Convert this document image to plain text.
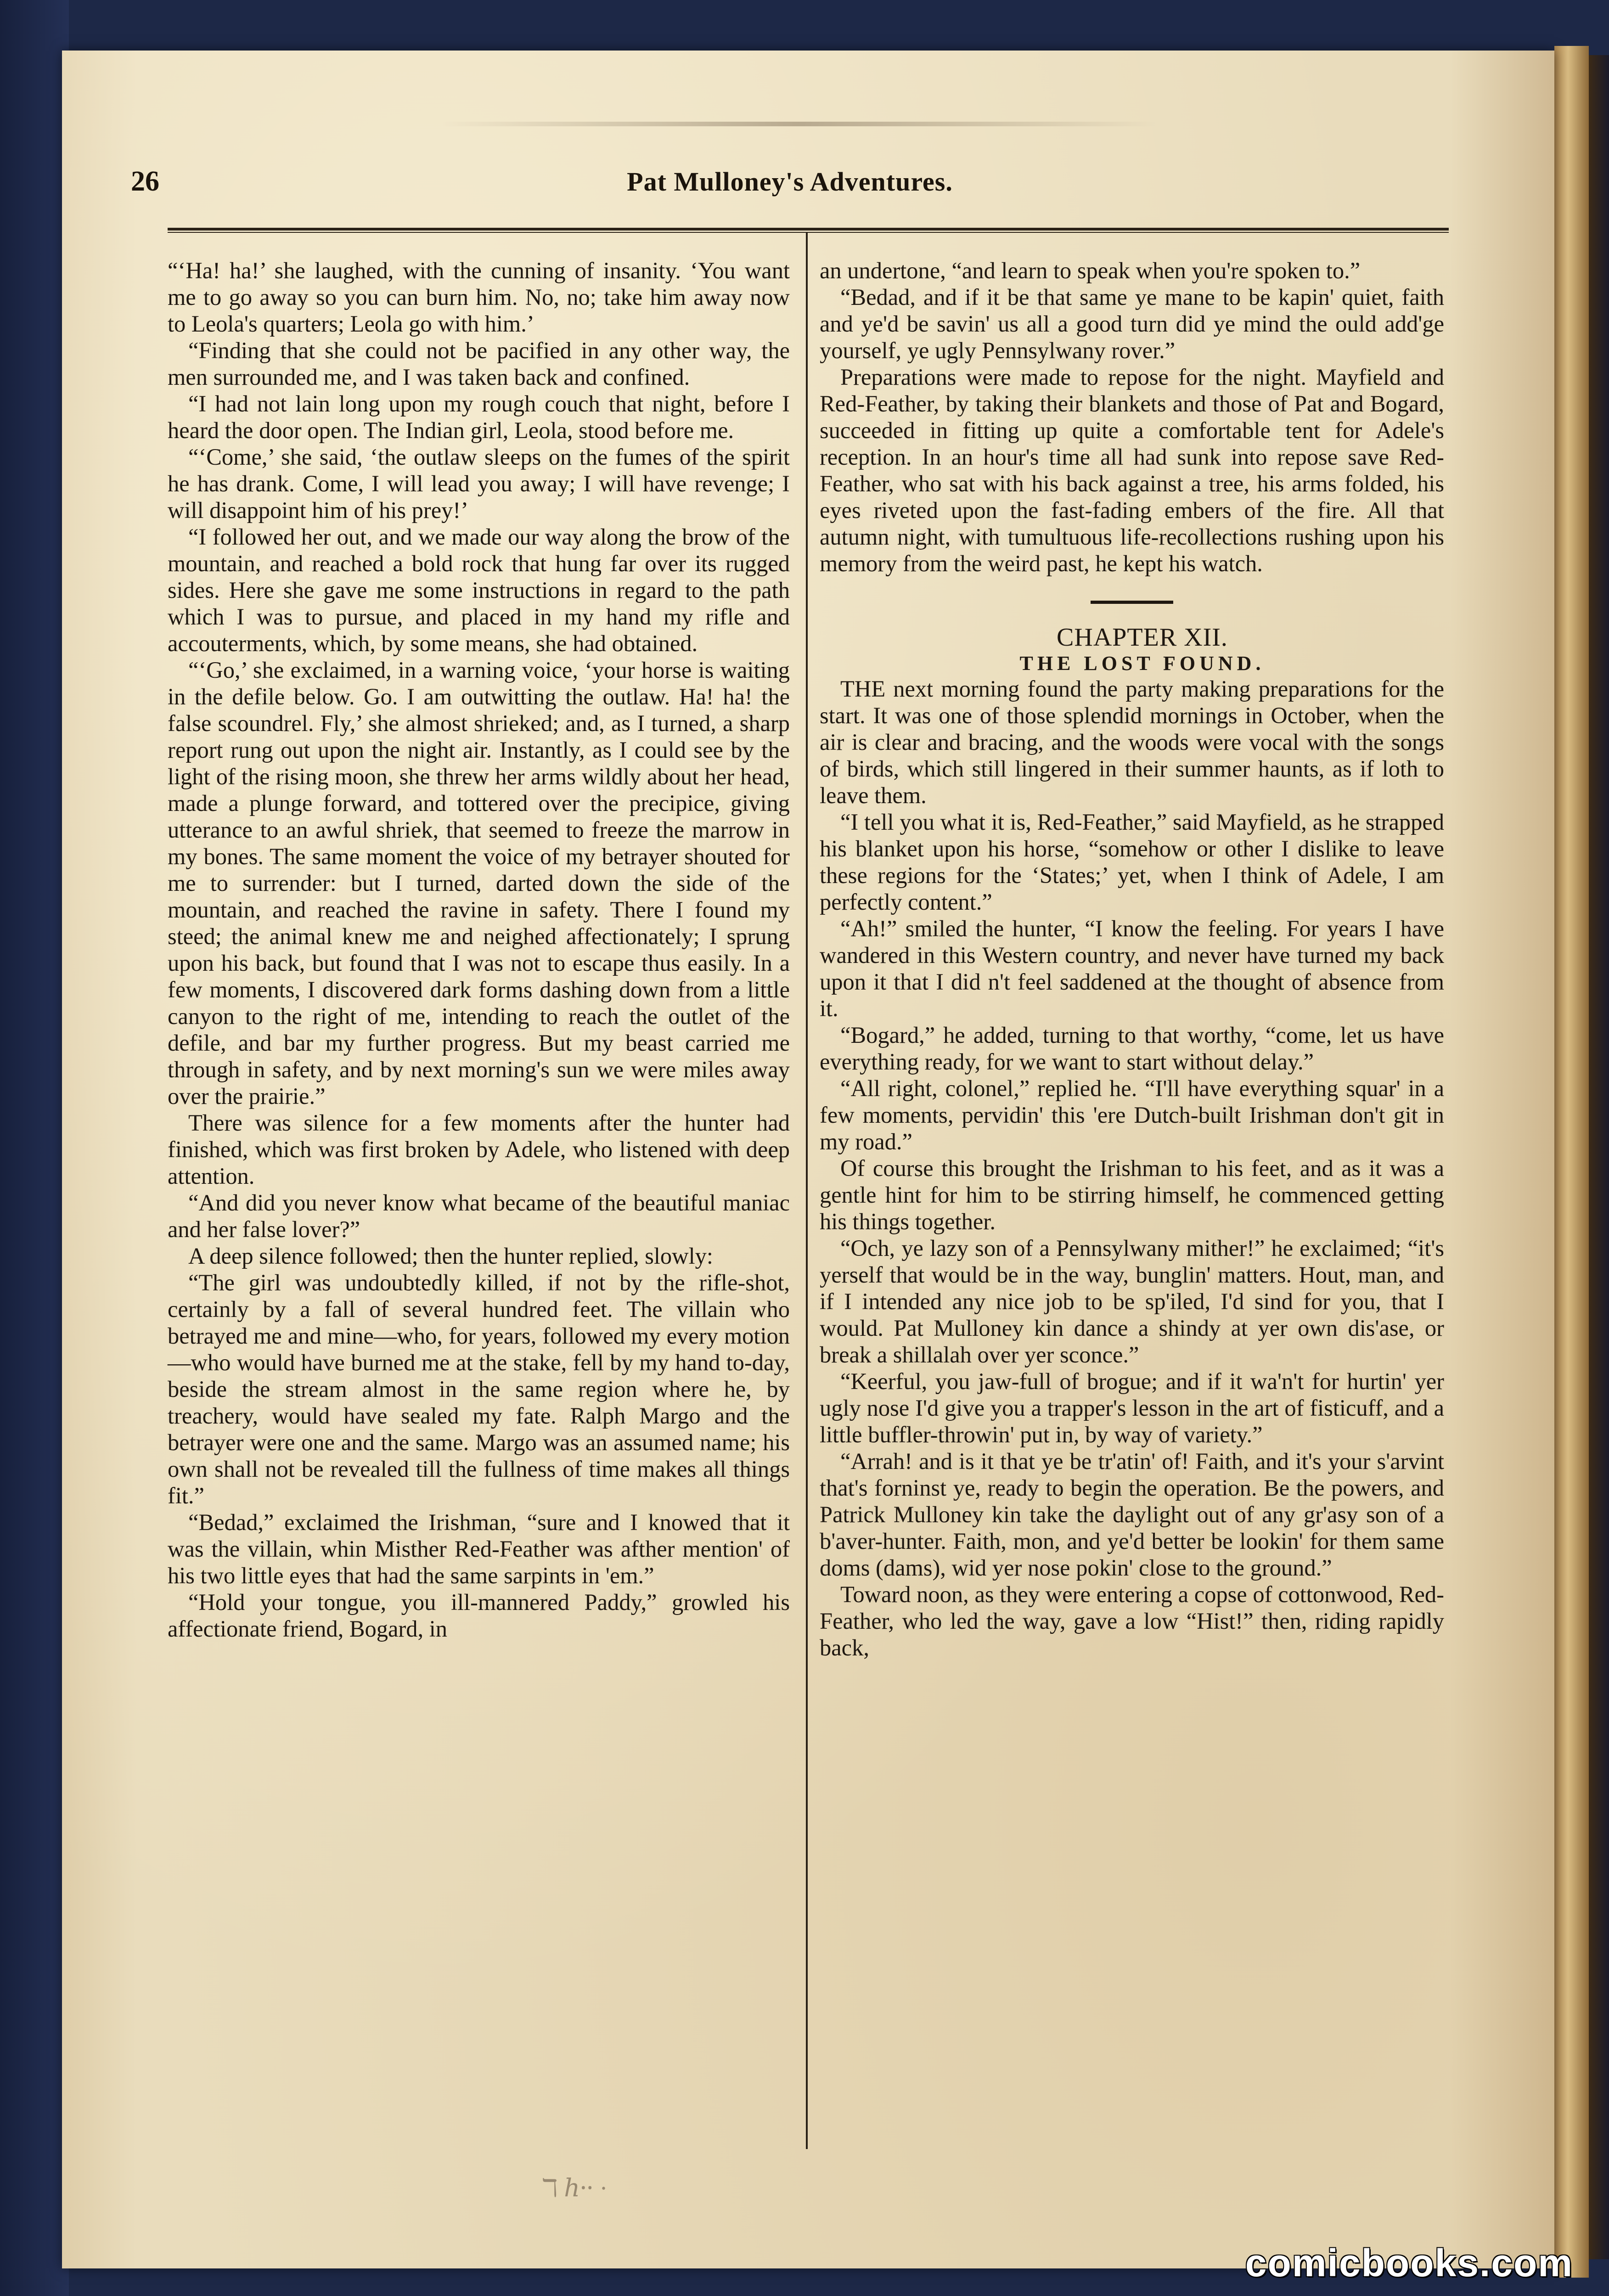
26	Pat Mulloney's Adventures.

“‘Ha! ha!’ she laughed, with the cunning of insanity. ‘You want me to go away so you can burn him. No, no; take him away now to Leola's quarters; Leola go with him.’

“Finding that she could not be pacified in any other way, the men surrounded me, and I was taken back and confined.

“I had not lain long upon my rough couch that night, before I heard the door open. The Indian girl, Leola, stood before me.

“‘Come,’ she said, ‘the outlaw sleeps on the fumes of the spirit he has drank. Come, I will lead you away; I will have revenge; I will disappoint him of his prey!’

“I followed her out, and we made our way along the brow of the mountain, and reached a bold rock that hung far over its rugged sides. Here she gave me some instructions in regard to the path which I was to pursue, and placed in my hand my rifle and accouterments, which, by some means, she had obtained.

“‘Go,’ she exclaimed, in a warning voice, ‘your horse is waiting in the defile below. Go. I am outwitting the outlaw. Ha! ha! the false scoundrel. Fly,’ she almost shrieked; and, as I turned, a sharp report rung out upon the night air. Instantly, as I could see by the light of the rising moon, she threw her arms wildly about her head, made a plunge forward, and tottered over the precipice, giving utterance to an awful shriek, that seemed to freeze the marrow in my bones. The same moment the voice of my betrayer shouted for me to surrender: but I turned, darted down the side of the mountain, and reached the ravine in safety. There I found my steed; the animal knew me and neighed affectionately; I sprung upon his back, but found that I was not to escape thus easily. In a few moments, I discovered dark forms dashing down from a little canyon to the right of me, intending to reach the outlet of the defile, and bar my further progress. But my beast carried me through in safety, and by next morning's sun we were miles away over the prairie.”

There was silence for a few moments after the hunter had finished, which was first broken by Adele, who listened with deep attention.

“And did you never know what became of the beautiful maniac and her false lover?”

A deep silence followed; then the hunter replied, slowly:

“The girl was undoubtedly killed, if not by the rifle-shot, certainly by a fall of several hundred feet. The villain who betrayed me and mine—who, for years, followed my every motion—who would have burned me at the stake, fell by my hand to-day, beside the stream almost in the same region where he, by treachery, would have sealed my fate. Ralph Margo and the betrayer were one and the same. Margo was an assumed name; his own shall not be revealed till the fullness of time makes all things fit.”

“Bedad,” exclaimed the Irishman, “sure and I knowed that it was the villain, whin Misther Red-Feather was afther mention' of his two little eyes that had the same sarpints in 'em.”

“Hold your tongue, you ill-mannered Paddy,” growled his affectionate friend, Bogard, in

an undertone, “and learn to speak when you're spoken to.”

“Bedad, and if it be that same ye mane to be kapin' quiet, faith and ye'd be savin' us all a good turn did ye mind the ould add'ge yourself, ye ugly Pennsylwany rover.”

Preparations were made to repose for the night. Mayfield and Red-Feather, by taking their blankets and those of Pat and Bogard, succeeded in fitting up quite a comfortable tent for Adele's reception. In an hour's time all had sunk into repose save Red-Feather, who sat with his back against a tree, his arms folded, his eyes riveted upon the fast-fading embers of the fire. All that autumn night, with tumultuous life-recollections rushing upon his memory from the weird past, he kept his watch.

CHAPTER XII.

THE LOST FOUND.

THE next morning found the party making preparations for the start. It was one of those splendid mornings in October, when the air is clear and bracing, and the woods were vocal with the songs of birds, which still lingered in their summer haunts, as if loth to leave them.

“I tell you what it is, Red-Feather,” said Mayfield, as he strapped his blanket upon his horse, “somehow or other I dislike to leave these regions for the ‘States;’ yet, when I think of Adele, I am perfectly content.”

“Ah!” smiled the hunter, “I know the feeling. For years I have wandered in this Western country, and never have turned my back upon it that I did n't feel saddened at the thought of absence from it.

“Bogard,” he added, turning to that worthy, “come, let us have everything ready, for we want to start without delay.”

“All right, colonel,” replied he. “I'll have everything squar' in a few moments, pervidin' this 'ere Dutch-built Irishman don't git in my road.”

Of course this brought the Irishman to his feet, and as it was a gentle hint for him to be stirring himself, he commenced getting his things together.

“Och, ye lazy son of a Pennsylwany mither!” he exclaimed; “it's yerself that would be in the way, bunglin' matters. Hout, man, and if I intended any nice job to be sp'iled, I'd sind for you, that I would. Pat Mulloney kin dance a shindy at yer own dis'ase, or break a shillalah over yer sconce.”

“Keerful, you jaw-full of brogue; and if it wa'n't for hurtin' yer ugly nose I'd give you a trapper's lesson in the art of fisticuff, and a little buffler-throwin' put in, by way of variety.”

“Arrah! and is it that ye be tr'atin' of! Faith, and it's your s'arvint that's forninst ye, ready to begin the operation. Be the powers, and Patrick Mulloney kin take the daylight out of any gr'asy son of a b'aver-hunter. Faith, mon, and ye'd better be lookin' for them same doms (dams), wid yer nose pokin' close to the ground.”

Toward noon, as they were entering a copse of cottonwood, Red-Feather, who led the way, gave a low “Hist!” then, riding rapidly back,

ℸ ℎ⸱⸱ ·
comicbooks.com
